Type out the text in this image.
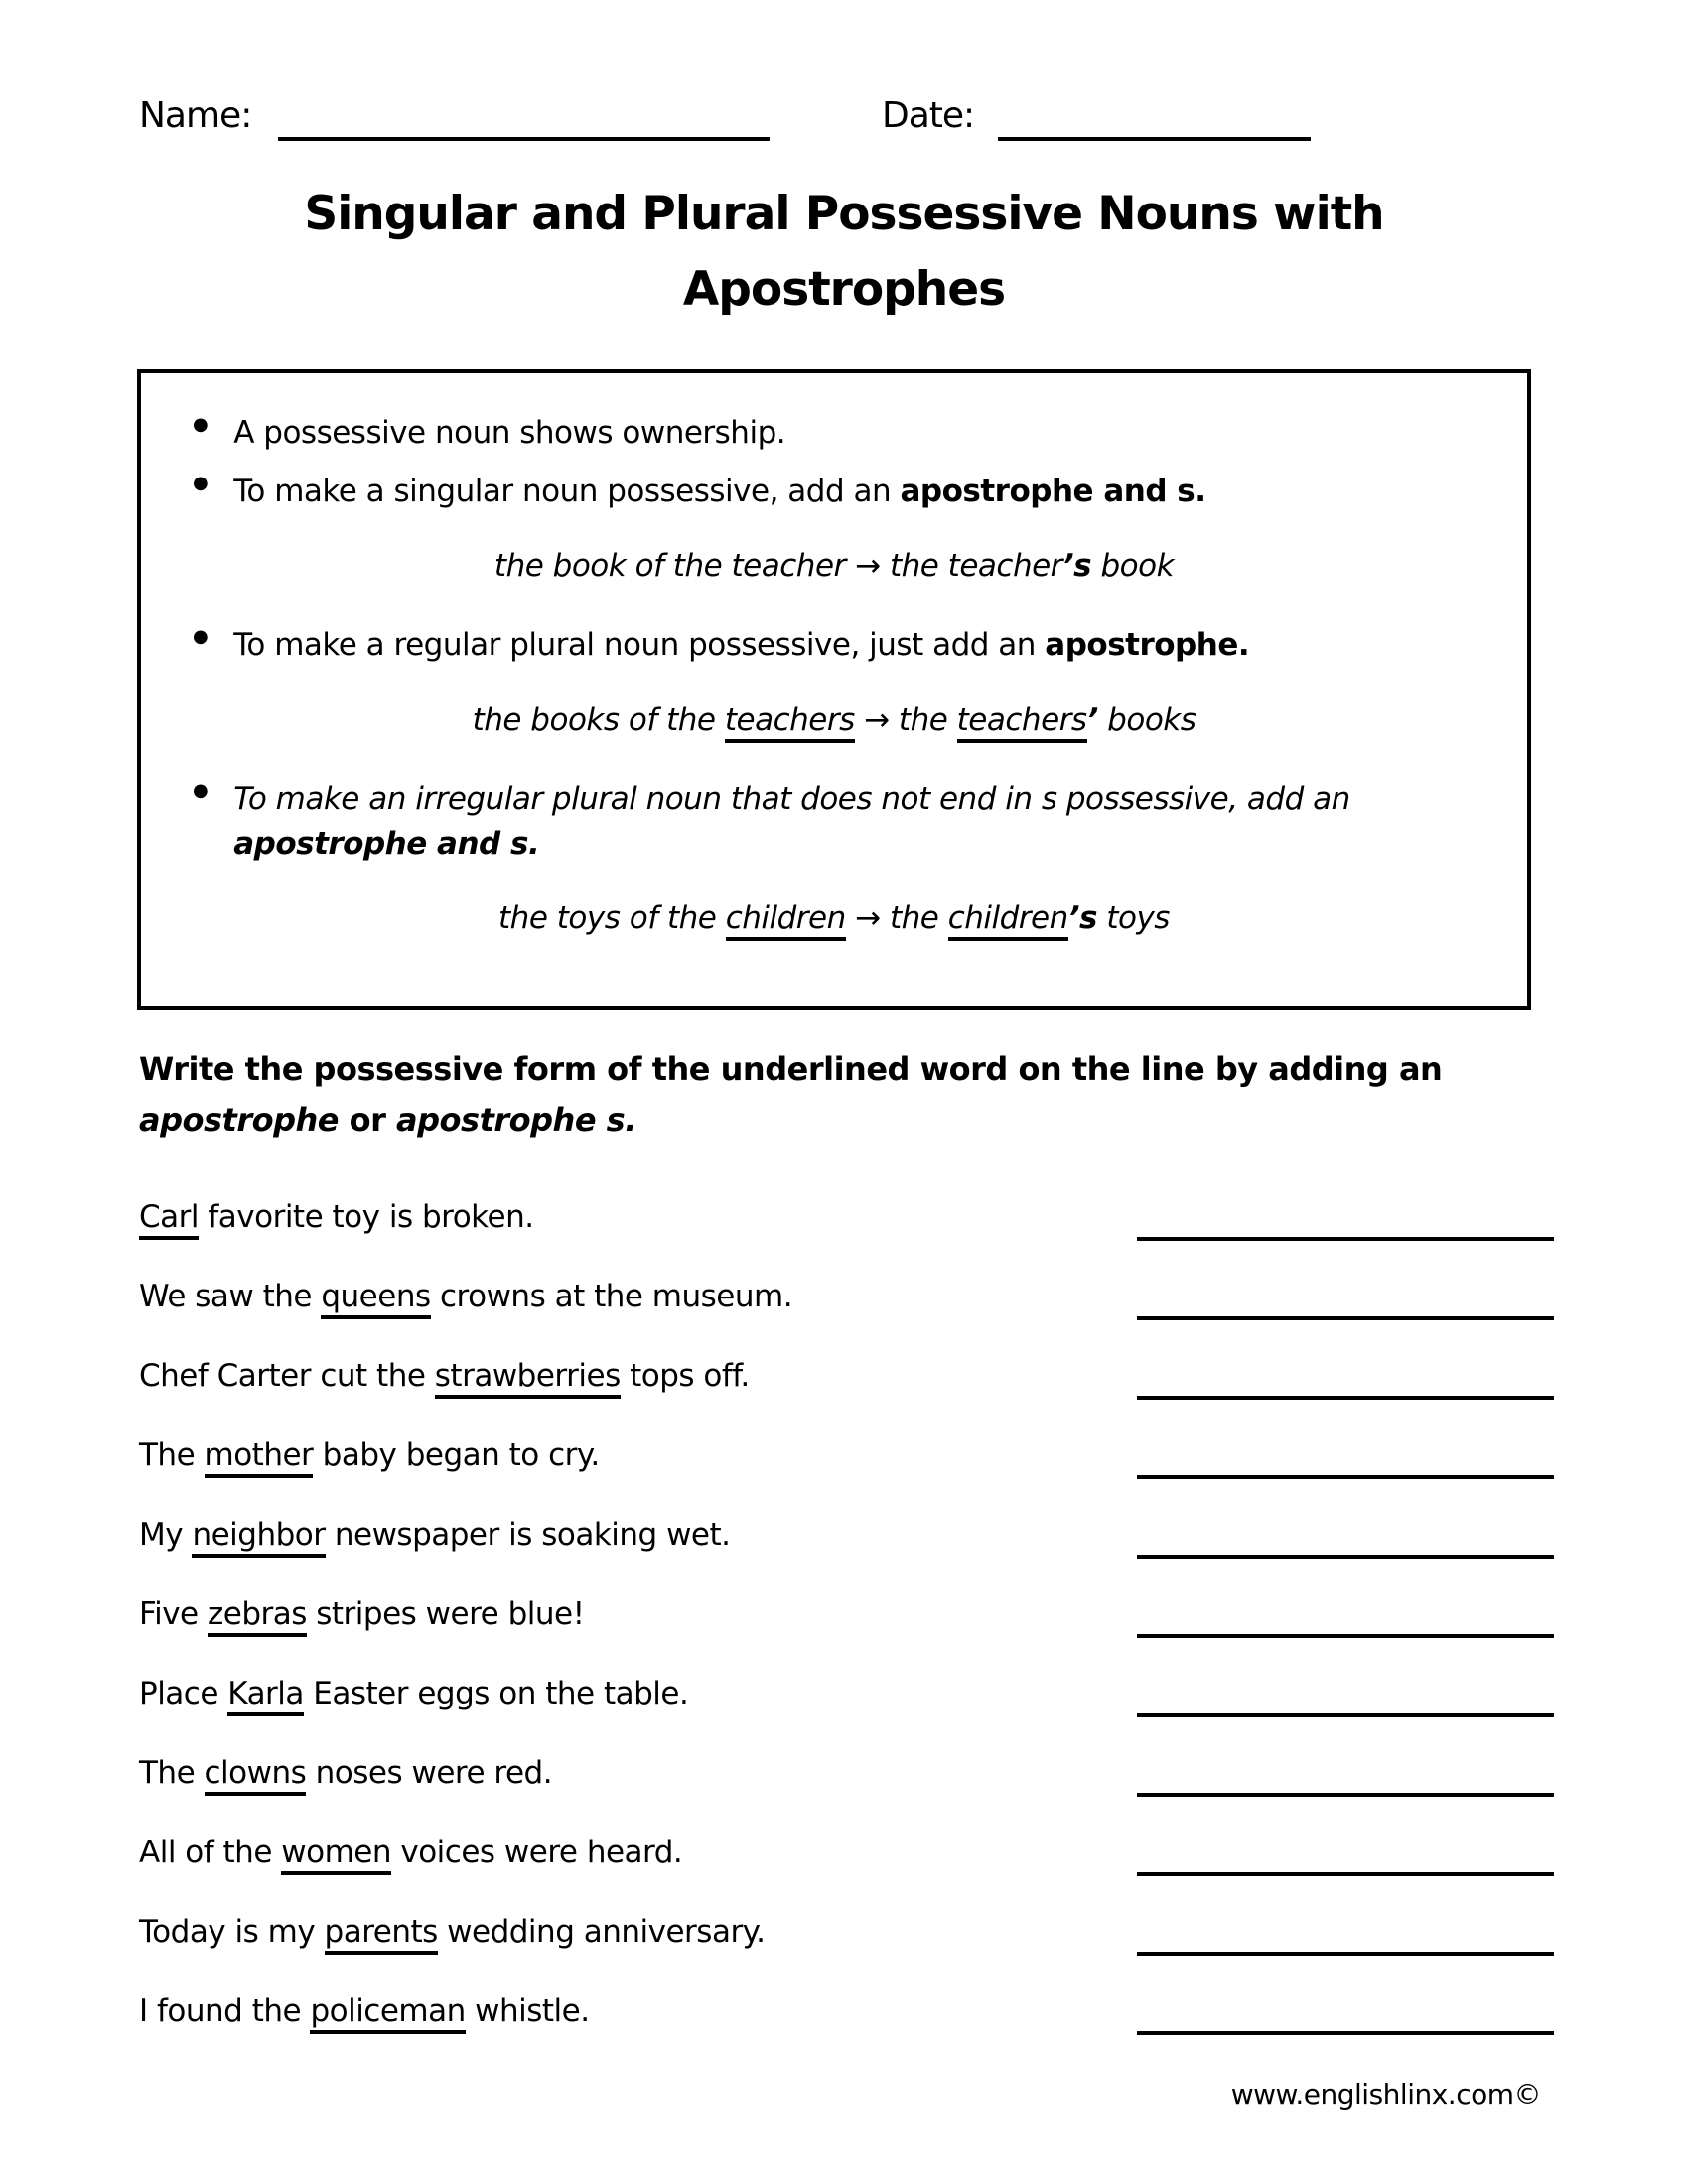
Name:	Date:
Singular and Plural Possessive Nouns with
Apostrophes
● A possessive noun shows ownership.
● To make a singular noun possessive, add an apostrophe and s.
the book of the teacher → the teacher’s book
● To make a regular plural noun possessive, just add an apostrophe.
the books of the teachers → the teachers’ books
● To make an irregular plural noun that does not end in s possessive, add an apostrophe and s.
the toys of the children → the children’s toys
Write the possessive form of the underlined word on the line by adding an apostrophe or apostrophe s.
Carl favorite toy is broken.
We saw the queens crowns at the museum.
Chef Carter cut the strawberries tops off.
The mother baby began to cry.
My neighbor newspaper is soaking wet.
Five zebras stripes were blue!
Place Karla Easter eggs on the table.
The clowns noses were red.
All of the women voices were heard.
Today is my parents wedding anniversary.
I found the policeman whistle.
www.englishlinx.com©
